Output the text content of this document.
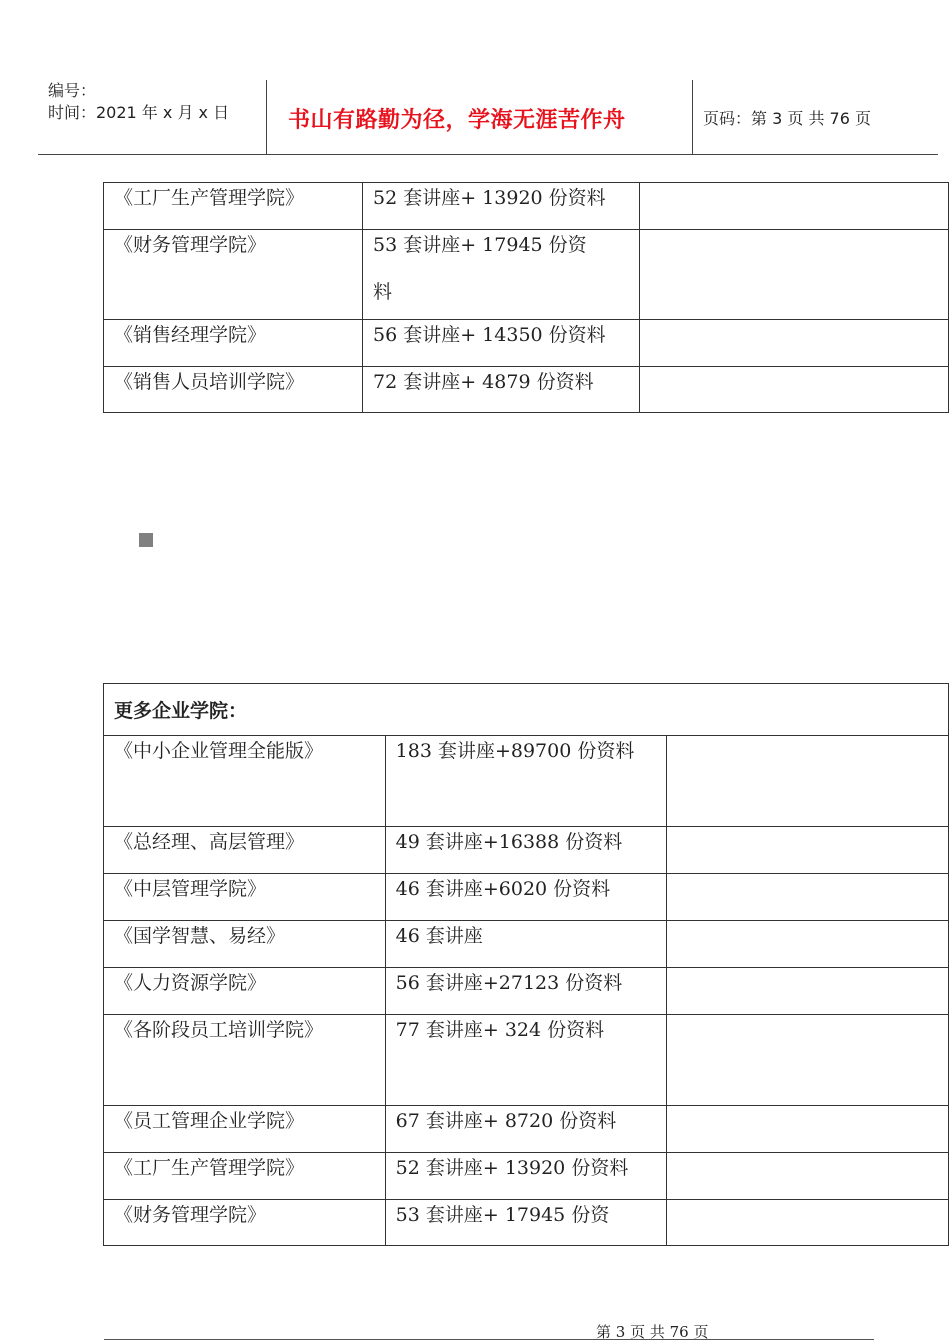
编号：
时间：2021 年 x 月 x 日	书山有路勤为径，学海无涯苦作舟	页码：第 3 页 共 76 页
《工厂生产管理学院》	52 套讲座+ 13920 份资料	

《财务管理学院》	53 套讲座+ 17945 份资料	

《销售经理学院》	56 套讲座+ 14350 份资料	

《销售人员培训学院》	72 套讲座+ 4879 份资料	

更多企业学院：		

《中小企业管理全能版》	183 套讲座+89700 份资料	

《总经理、高层管理》	49 套讲座+16388 份资料	

《中层管理学院》	46 套讲座+6020 份资料	

《国学智慧、易经》	46 套讲座	

《人力资源学院》	56 套讲座+27123 份资料	

《各阶段员工培训学院》	77 套讲座+ 324 份资料	

《员工管理企业学院》	67 套讲座+ 8720 份资料	

《工厂生产管理学院》	52 套讲座+ 13920 份资料	

《财务管理学院》	53 套讲座+ 17945 份资	

第 3 页 共 76 页
